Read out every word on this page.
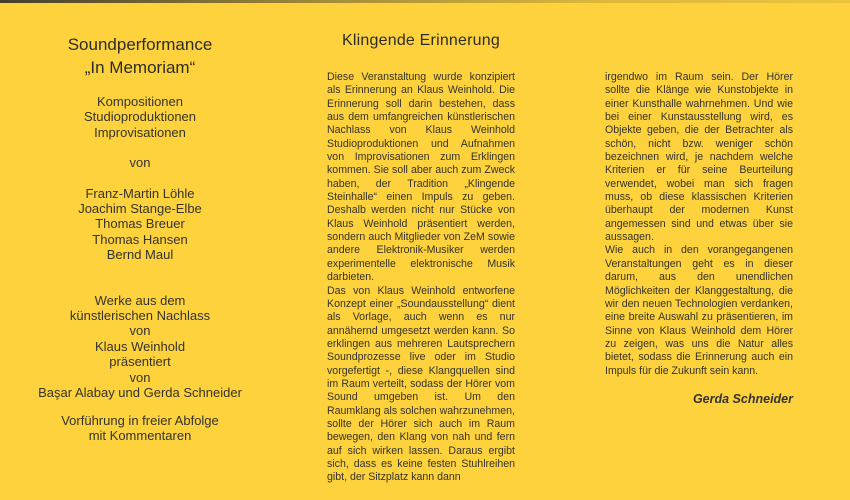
Soundperformance
„In Memoriam“
Kompositionen
Studioproduktionen
Improvisationen
von
Franz-Martin Löhle
Joachim Stange-Elbe
Thomas Breuer
Thomas Hansen
Bernd Maul
Werke aus dem
künstlerischen Nachlass
von
Klaus Weinhold
präsentiert
von
Başar Alabay und Gerda Schneider
Vorführung in freier Abfolge
mit Kommentaren
Klingende Erinnerung
Diese Veranstaltung wurde konzipiert als Erinnerung an Klaus Weinhold. Die Erinnerung soll darin bestehen, dass aus dem umfangreichen künstlerischen Nachlass von Klaus Weinhold Studioproduktionen und Aufnahmen von Improvisationen zum Erklingen kommen. Sie soll aber auch zum Zweck haben, der Tradition „Klingende Steinhalle“ einen Impuls zu geben. Deshalb werden nicht nur Stücke von Klaus Weinhold präsentiert werden, sondern auch Mitglieder von ZeM sowie andere Elektronik-Musiker werden experimentelle elektronische Musik darbieten.
Das von Klaus Weinhold entworfene Konzept einer „Soundausstellung“ dient als Vorlage, auch wenn es nur annähernd umgesetzt werden kann. So erklingen aus mehreren Lautsprechern Soundprozesse live oder im Studio vorgefertigt -, diese Klangquellen sind im Raum verteilt, sodass der Hörer vom Sound umgeben ist. Um den Raumklang als solchen wahrzunehmen, sollte der Hörer sich auch im Raum bewegen, den Klang von nah und fern auf sich wirken lassen. Daraus ergibt sich, dass es keine festen Stuhlreihen gibt, der Sitzplatz kann dann
irgendwo im Raum sein. Der Hörer sollte die Klänge wie Kunstobjekte in einer Kunsthalle wahrnehmen. Und wie bei einer Kunstausstellung wird, es Objekte geben, die der Betrachter als schön, nicht bzw. weniger schön bezeichnen wird, je nachdem welche Kriterien er für seine Beurteilung verwendet, wobei man sich fragen muss, ob diese klassischen Kriterien überhaupt der modernen Kunst angemessen sind und etwas über sie aussagen.
Wie auch in den vorangegangenen Veranstaltungen geht es in dieser darum, aus den unendlichen Möglichkeiten der Klanggestaltung, die wir den neuen Technologien verdanken, eine breite Auswahl zu präsentieren, im Sinne von Klaus Weinhold dem Hörer zu zeigen, was uns die Natur alles bietet, sodass die Erinnerung auch ein Impuls für die Zukunft sein kann.
Gerda Schneider
